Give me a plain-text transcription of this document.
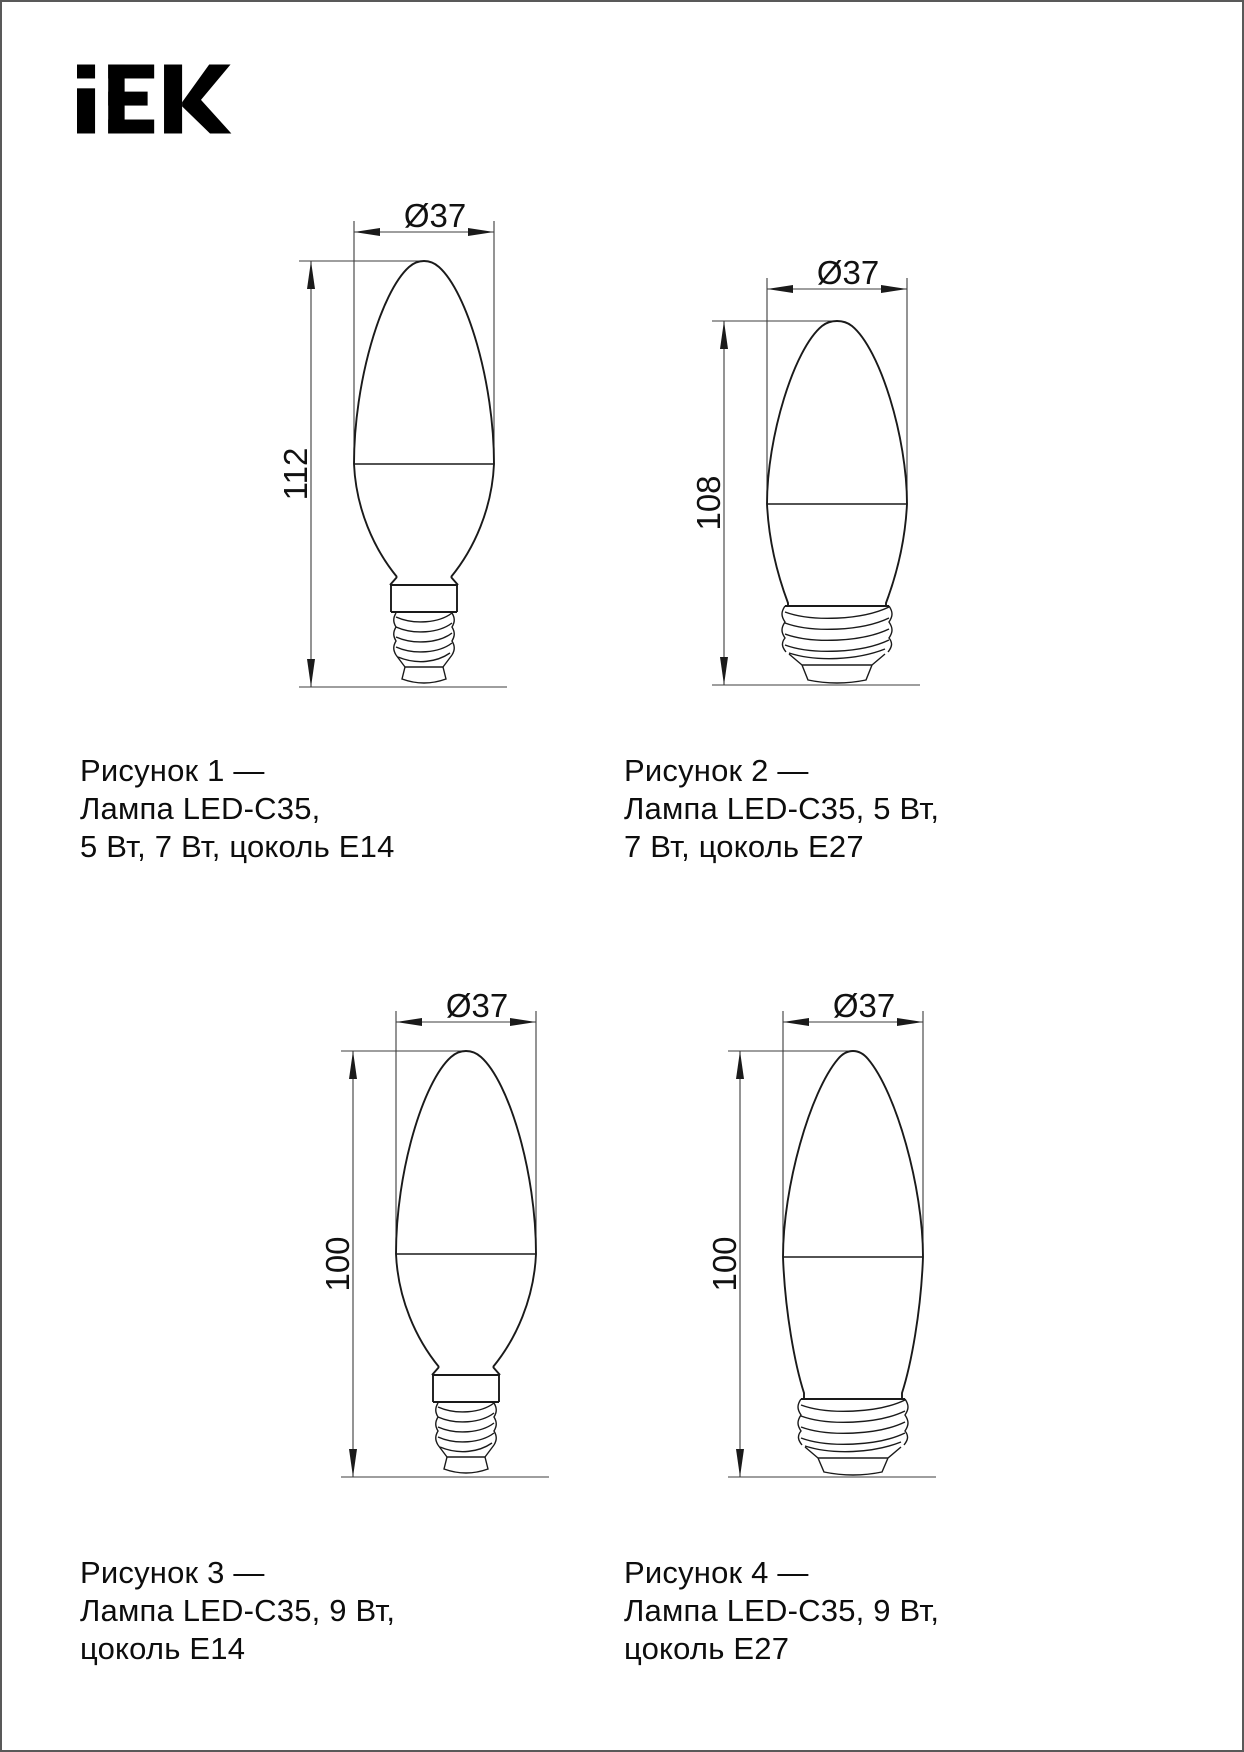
Ø37
112
Ø37
108
Ø37
100
Ø37
100
Рисунок 1 —
Лампа LED-C35,
5 Вт, 7 Вт, цоколь E14
Рисунок 2 —
Лампа LED-C35, 5 Вт,
7 Вт, цоколь E27
Рисунок 3 —
Лампа LED-C35, 9 Вт,
цоколь E14
Рисунок 4 —
Лампа LED-C35, 9 Вт,
цоколь E27
